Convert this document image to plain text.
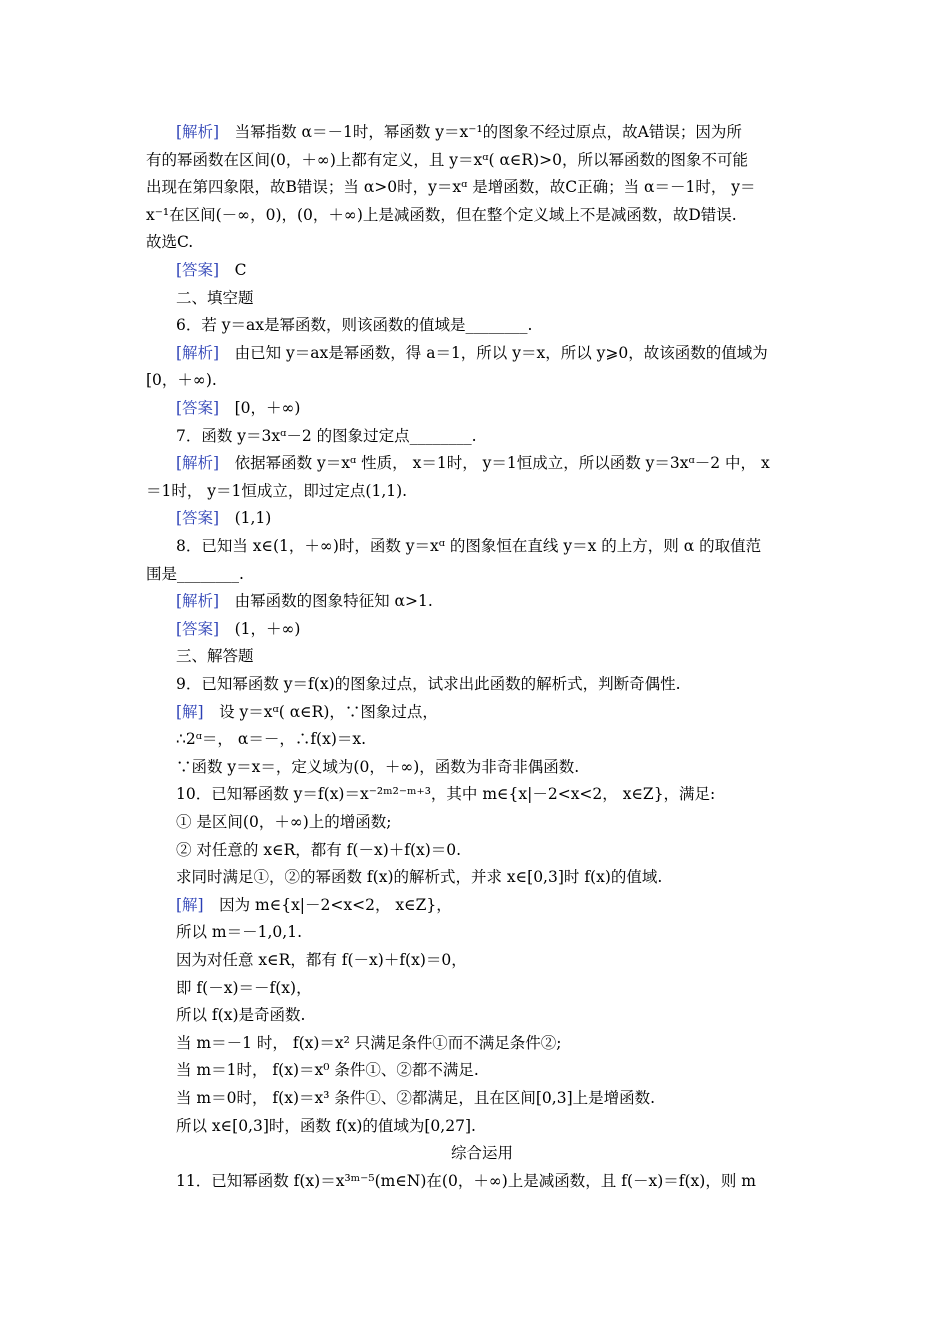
[解析]　当幂指数 α＝－1时，幂函数 y＝x⁻¹的图象不经过原点，故A错误；因为所
有的幂函数在区间(0，＋∞)上都有定义，且 y＝xᵅ( α∈R)>0，所以幂函数的图象不可能
出现在第四象限，故B错误；当 α>0时，y＝xᵅ 是增函数，故C正确；当 α＝－1时， y＝
x⁻¹在区间(－∞，0)，(0，＋∞)上是减函数，但在整个定义域上不是减函数，故D错误.
故选C.
[答案]　C
二、填空题
6．若 y＝ax是幂函数，则该函数的值域是________.
[解析]　由已知 y＝ax是幂函数，得 a＝1，所以 y＝x，所以 y⩾0，故该函数的值域为
[0，＋∞).
[答案]　[0，＋∞)
7．函数 y＝3xᵅ－2 的图象过定点________.
[解析]　依据幂函数 y＝xᵅ 性质， x＝1时， y＝1恒成立，所以函数 y＝3xᵅ－2 中， x
＝1时， y＝1恒成立，即过定点(1,1).
[答案]　(1,1)
8．已知当 x∈(1，＋∞)时，函数 y＝xᵅ 的图象恒在直线 y＝x 的上方，则 α 的取值范
围是________.
[解析]　由幂函数的图象特征知 α>1.
[答案]　(1，＋∞)
三、解答题
9．已知幂函数 y＝f(x)的图象过点，试求出此函数的解析式，判断奇偶性.
[解]　设 y＝xᵅ( α∈R)，∵图象过点，
∴2ᵅ＝， α＝－，∴f(x)＝x.
∵函数 y＝x＝，定义域为(0，＋∞)，函数为非奇非偶函数.
10．已知幂函数 y＝f(x)＝x⁻²ᵐ²⁻ᵐ⁺³，其中 m∈{x|－2<x<2， x∈Z}，满足:
① 是区间(0，＋∞)上的增函数;
② 对任意的 x∈R，都有 f(－x)＋f(x)＝0.
求同时满足①，②的幂函数 f(x)的解析式，并求 x∈[0,3]时 f(x)的值域.
[解]　因为 m∈{x|－2<x<2， x∈Z}，
所以 m＝－1,0,1.
因为对任意 x∈R，都有 f(－x)＋f(x)＝0，
即 f(－x)＝－f(x)，
所以 f(x)是奇函数.
当 m＝－1 时， f(x)＝x² 只满足条件①而不满足条件②;
当 m＝1时， f(x)＝x⁰ 条件①、②都不满足.
当 m＝0时， f(x)＝x³ 条件①、②都满足，且在区间[0,3]上是增函数.
所以 x∈[0,3]时，函数 f(x)的值域为[0,27].
综合运用
11．已知幂函数 f(x)＝x³ᵐ⁻⁵(m∈N)在(0，＋∞)上是减函数，且 f(－x)＝f(x)，则 m
